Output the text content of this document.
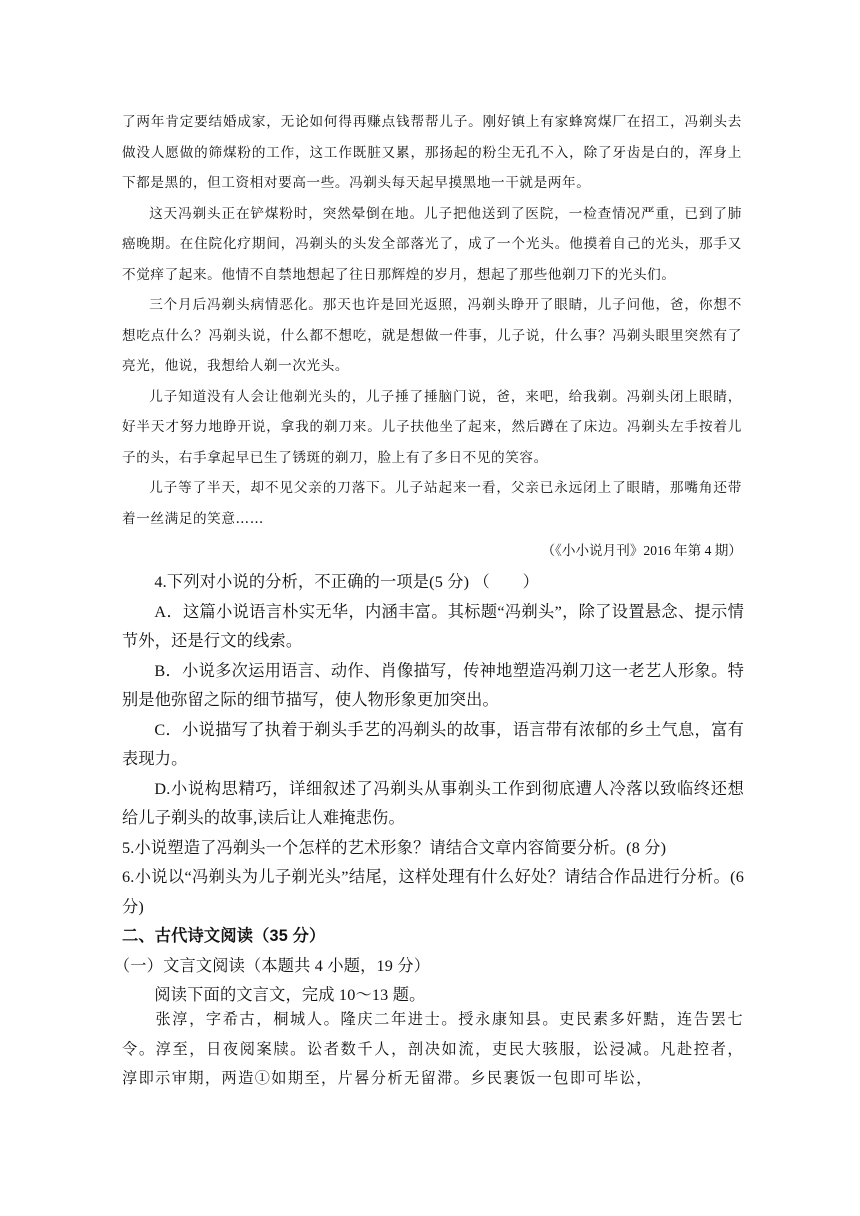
了两年肯定要结婚成家，无论如何得再赚点钱帮帮儿子。刚好镇上有家蜂窝煤厂在招工，冯剃头去做没人愿做的筛煤粉的工作，这工作既脏又累，那扬起的粉尘无孔不入，除了牙齿是白的，浑身上下都是黑的，但工资相对要高一些。冯剃头每天起早摸黑地一干就是两年。

这天冯剃头正在铲煤粉时，突然晕倒在地。儿子把他送到了医院，一检查情况严重，已到了肺癌晚期。在住院化疗期间，冯剃头的头发全部落光了，成了一个光头。他摸着自己的光头，那手又不觉痒了起来。他情不自禁地想起了往日那辉煌的岁月，想起了那些他剃刀下的光头们。

三个月后冯剃头病情恶化。那天也许是回光返照，冯剃头睁开了眼睛，儿子问他，爸，你想不想吃点什么？冯剃头说，什么都不想吃，就是想做一件事，儿子说，什么事？冯剃头眼里突然有了亮光，他说，我想给人剃一次光头。

儿子知道没有人会让他剃光头的，儿子捶了捶脑门说，爸，来吧，给我剃。冯剃头闭上眼睛，好半天才努力地睁开说，拿我的剃刀来。儿子扶他坐了起来，然后蹲在了床边。冯剃头左手按着儿子的头，右手拿起早已生了锈斑的剃刀，脸上有了多日不见的笑容。

儿子等了半天，却不见父亲的刀落下。儿子站起来一看，父亲已永远闭上了眼睛，那嘴角还带着一丝满足的笑意……

（《小小说月刊》2016 年第 4 期）

4.下列对小说的分析，不正确的一项是(5 分) （　　）

A．这篇小说语言朴实无华，内涵丰富。其标题“冯剃头”，除了设置悬念、提示情节外，还是行文的线索。

B．小说多次运用语言、动作、肖像描写，传神地塑造冯剃刀这一老艺人形象。特别是他弥留之际的细节描写，使人物形象更加突出。

C．小说描写了执着于剃头手艺的冯剃头的故事，语言带有浓郁的乡土气息，富有表现力。

D.小说构思精巧，详细叙述了冯剃头从事剃头工作到彻底遭人冷落以致临终还想给儿子剃头的故事,读后让人难掩悲伤。

5.小说塑造了冯剃头一个怎样的艺术形象？请结合文章内容简要分析。(8 分)

6.小说以“冯剃头为儿子剃光头”结尾，这样处理有什么好处？请结合作品进行分析。(6 分)

二、古代诗文阅读（35 分）

（一）文言文阅读（本题共 4 小题，19 分）

阅读下面的文言文，完成 10～13 题。

张淳，字希古，桐城人。隆庆二年进士。授永康知县。吏民素多奸黠，连告罢七令。淳至，日夜阅案牍。讼者数千人，剖决如流，吏民大骇服，讼浸减。凡赴控者，淳即示审期，两造①如期至，片晷分析无留滞。乡民裹饭一包即可毕讼，
